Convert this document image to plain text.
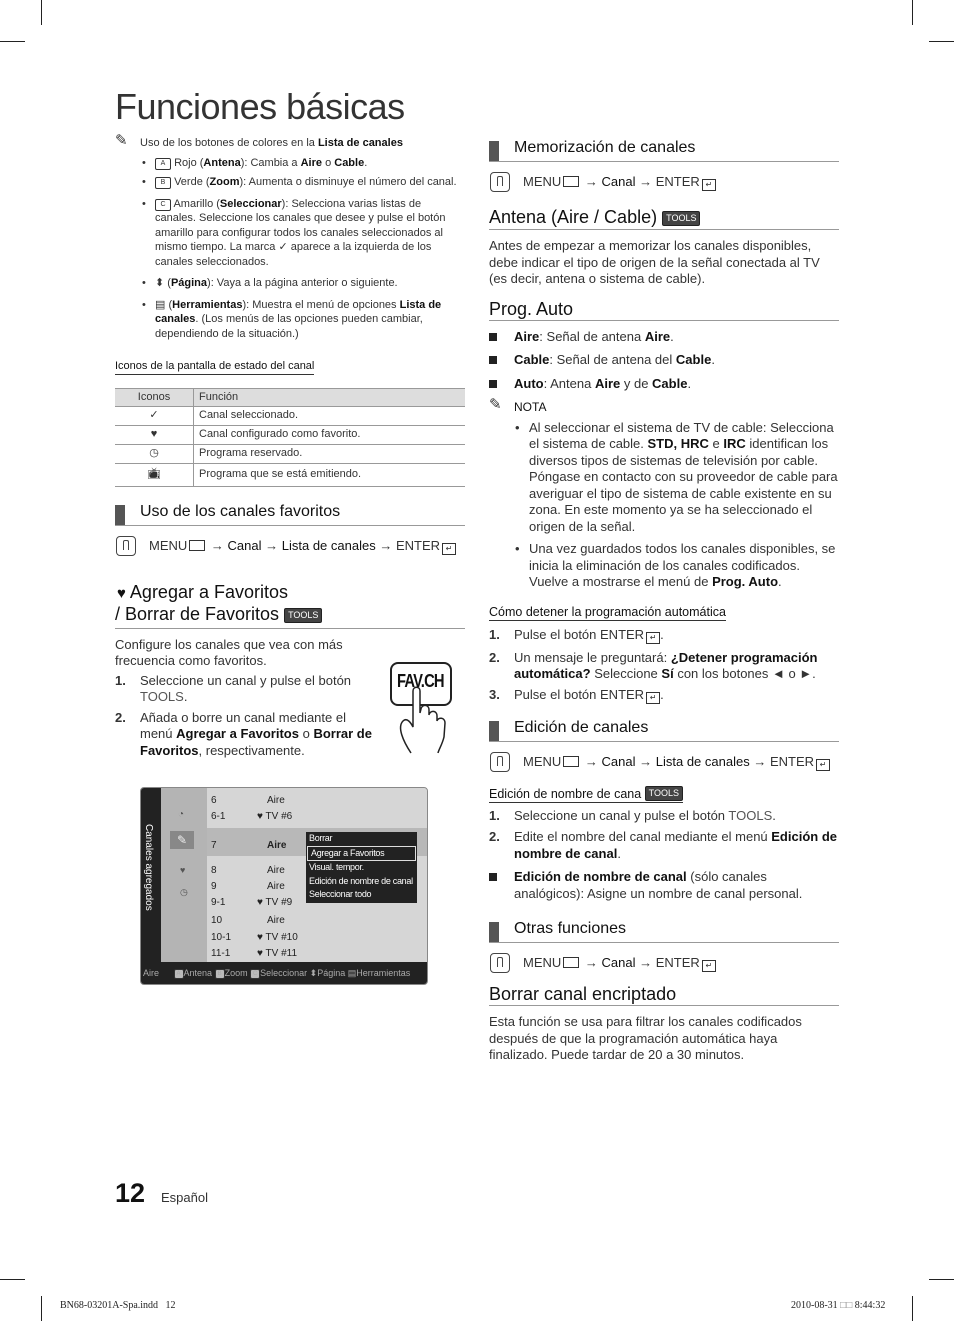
Funciones básicas
✎ Uso de los botones de colores en la Lista de canales
• A Rojo (Antena): Cambia a Aire o Cable.
• B Verde (Zoom): Aumenta o disminuye el número del canal.
• C Amarillo (Seleccionar): Selecciona varias listas de canales. Seleccione los canales que desee y pulse el botón amarillo para configurar todos los canales seleccionados al mismo tiempo. La marca ✓ aparece a la izquierda de los canales seleccionados.
• ⬍ (Página): Vaya a la página anterior o siguiente.
• ▤ (Herramientas): Muestra el menú de opciones Lista de canales. (Los menús de las opciones pueden cambiar, dependiendo de la situación.)
Iconos de la pantalla de estado del canal
Iconos	Función
✓	Canal seleccionado.
♥	Canal configurado como favorito.
◷	Programa reservado.
📺︎	Programa que se está emitiendo.
Uso de los canales favoritos
MENU → Canal → Lista de canales → ENTER ↵
♥ Agregar a Favoritos
/ Borrar de Favoritos TOOLS
Configure los canales que vea con más frecuencia como favoritos.
1. Seleccione un canal y pulse el botón TOOLS.
2. Añada o borre un canal mediante el menú Agregar a Favoritos o Borrar de Favoritos, respectivamente.
FAV.CH
Canales agregados
◔
✎
♥
◷
6	Aire
6-1	♥ TV #6
7	Aire
8	Aire
9	Aire
9-1	♥ TV #9
10	Aire
10-1	♥ TV #10
11-1	♥ TV #11
Borrar
Agregar a Favoritos
Visual. tempor.
Edición de nombre de canal
Seleccionar todo
Aire	A Antena B Zoom C Seleccionar ⬍Página ▤Herramientas
Memorización de canales
MENU → Canal → ENTER ↵
Antena (Aire / Cable) TOOLS
Antes de empezar a memorizar los canales disponibles, debe indicar el tipo de origen de la señal conectada al TV (es decir, antena o sistema de cable).
Prog. Auto
Aire: Señal de antena Aire.
Cable: Señal de antena del Cable.
Auto: Antena Aire y de Cable.
✎ NOTA
• Al seleccionar el sistema de TV de cable: Selecciona el sistema de cable. STD, HRC e IRC identifican los diversos tipos de sistemas de televisión por cable. Póngase en contacto con su proveedor de cable para averiguar el tipo de sistema de cable existente en su zona. En este momento ya se ha seleccionado el origen de la señal.
• Una vez guardados todos los canales disponibles, se inicia la eliminación de los canales codificados. Vuelve a mostrarse el menú de Prog. Auto.
Cómo detener la programación automática
1. Pulse el botón ENTER ↵ .
2. Un mensaje le preguntará: ¿Detener programación automática? Seleccione Sí con los botones ◄ o ►.
3. Pulse el botón ENTER ↵ .
Edición de canales
MENU → Canal → Lista de canales → ENTER ↵
Edición de nombre de cana TOOLS
1. Seleccione un canal y pulse el botón TOOLS.
2. Edite el nombre del canal mediante el menú Edición de nombre de canal.
Edición de nombre de canal (sólo canales analógicos): Asigne un nombre de canal personal.
Otras funciones
MENU → Canal → ENTER ↵
Borrar canal encriptado
Esta función se usa para filtrar los canales codificados después de que la programación automática haya finalizado. Puede tardar de 20 a 30 minutos.
12 Español
BN68-03201A-Spa.indd   12	2010-08-31 □□ 8:44:32
